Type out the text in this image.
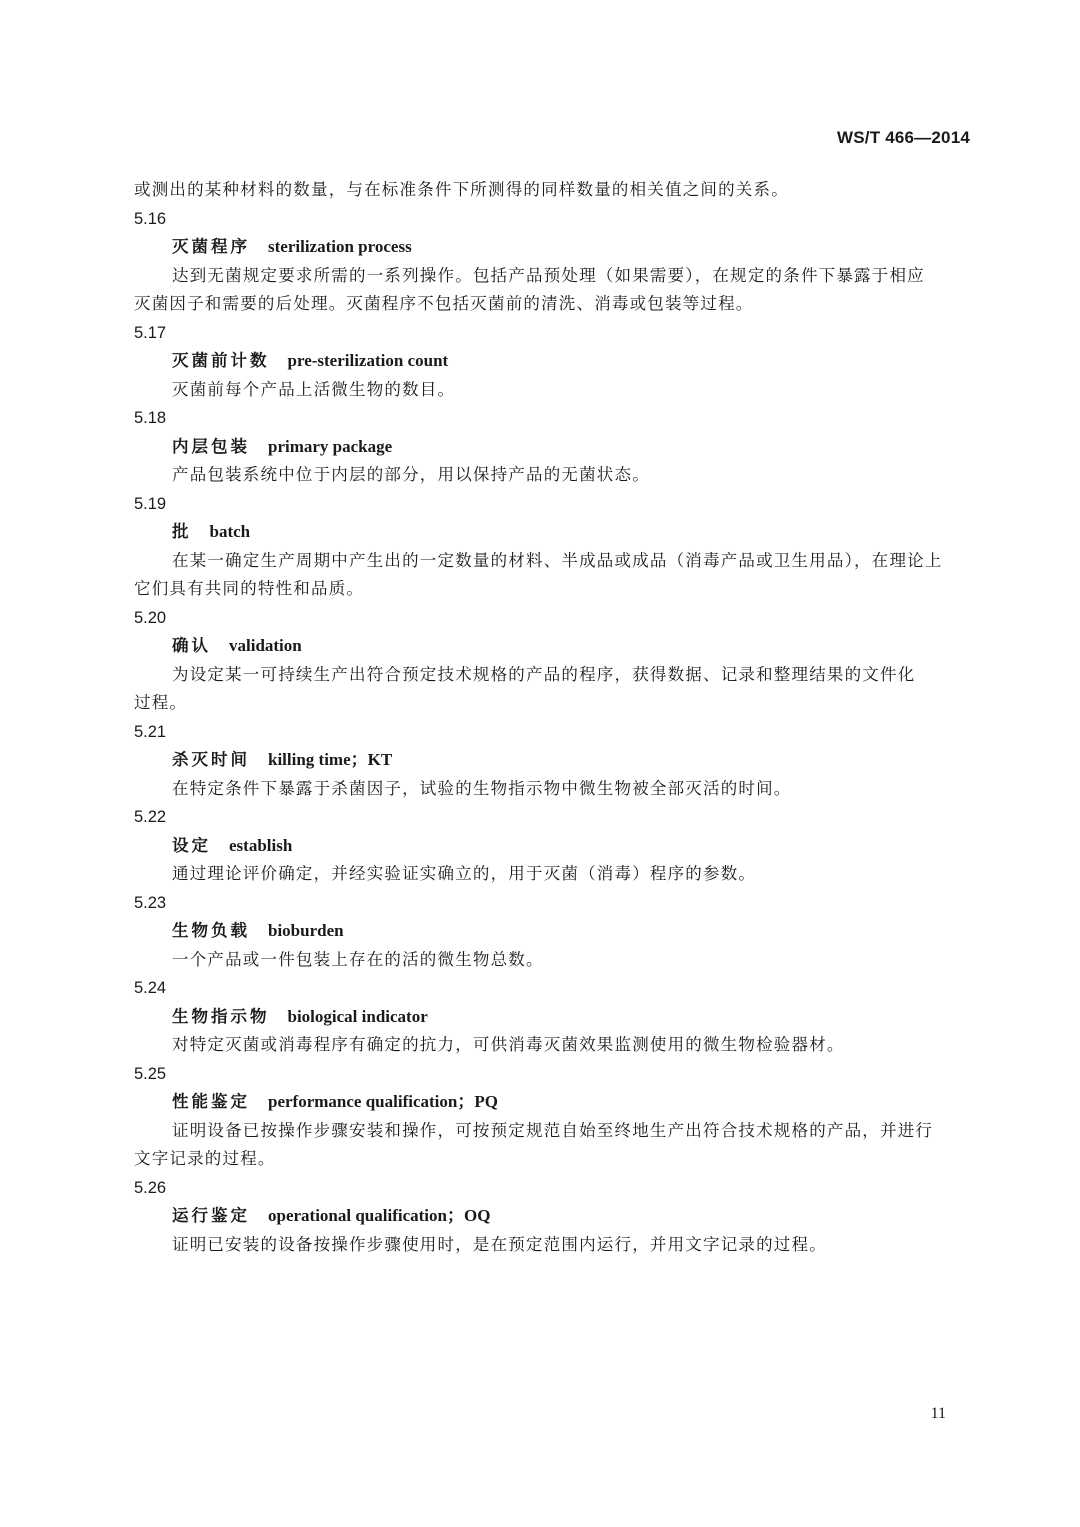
WS/T 466—2014
或测出的某种材料的数量，与在标准条件下所测得的同样数量的相关值之间的关系。
5.16
灭菌程序 sterilization process
达到无菌规定要求所需的一系列操作。包括产品预处理（如果需要），在规定的条件下暴露于相应
灭菌因子和需要的后处理。灭菌程序不包括灭菌前的清洗、消毒或包装等过程。
5.17
灭菌前计数 pre-sterilization count
灭菌前每个产品上活微生物的数目。
5.18
内层包装 primary package
产品包装系统中位于内层的部分，用以保持产品的无菌状态。
5.19
批 batch
在某一确定生产周期中产生出的一定数量的材料、半成品或成品（消毒产品或卫生用品），在理论上
它们具有共同的特性和品质。
5.20
确认 validation
为设定某一可持续生产出符合预定技术规格的产品的程序，获得数据、记录和整理结果的文件化
过程。
5.21
杀灭时间 killing time；KT
在特定条件下暴露于杀菌因子，试验的生物指示物中微生物被全部灭活的时间。
5.22
设定 establish
通过理论评价确定，并经实验证实确立的，用于灭菌（消毒）程序的参数。
5.23
生物负载 bioburden
一个产品或一件包装上存在的活的微生物总数。
5.24
生物指示物 biological indicator
对特定灭菌或消毒程序有确定的抗力，可供消毒灭菌效果监测使用的微生物检验器材。
5.25
性能鉴定 performance qualification；PQ
证明设备已按操作步骤安装和操作，可按预定规范自始至终地生产出符合技术规格的产品，并进行
文字记录的过程。
5.26
运行鉴定 operational qualification；OQ
证明已安装的设备按操作步骤使用时，是在预定范围内运行，并用文字记录的过程。
11
